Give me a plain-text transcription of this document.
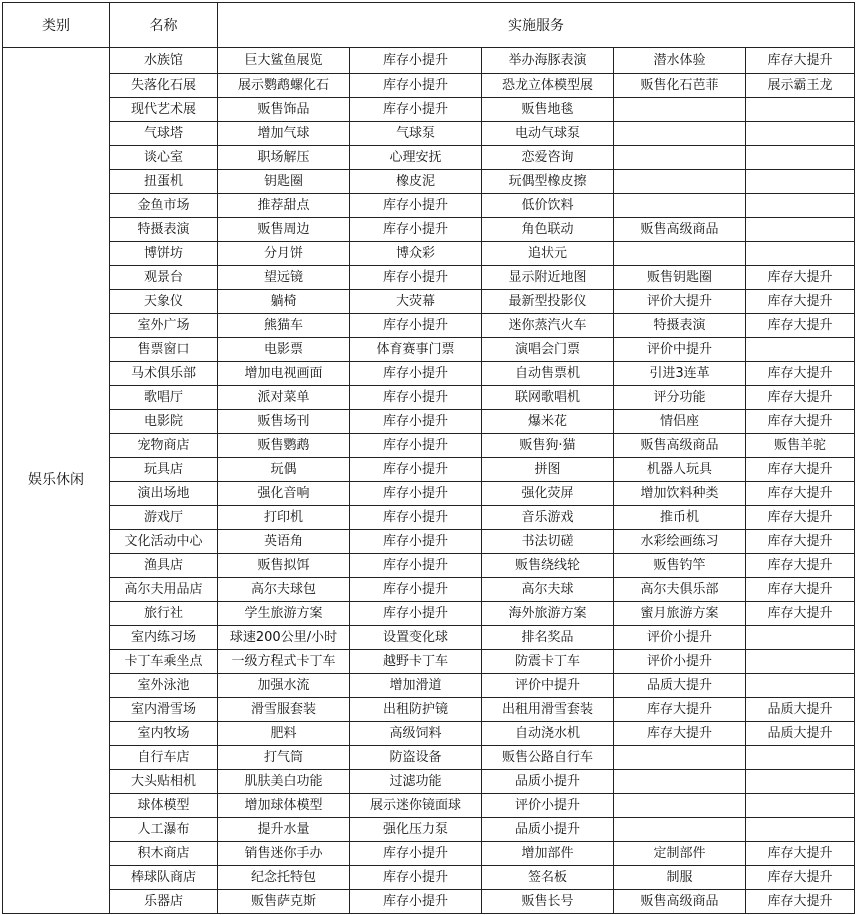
类别	名称	实施服务				
娱乐休闲	水族馆	巨大鲨鱼展览	库存小提升	举办海豚表演	潜水体验	库存大提升
	失落化石展	展示鹦鹉螺化石	库存小提升	恐龙立体模型展	贩售化石芭菲	展示霸王龙
	现代艺术展	贩售饰品	库存小提升	贩售地毯		
	气球塔	增加气球	气球泵	电动气球泵		
	谈心室	职场解压	心理安抚	恋爱咨询		
	扭蛋机	钥匙圈	橡皮泥	玩偶型橡皮擦		
	金鱼市场	推荐甜点	库存小提升	低价饮料		
	特摄表演	贩售周边	库存小提升	角色联动	贩售高级商品	
	博饼坊	分月饼	博众彩	追状元		
	观景台	望远镜	库存小提升	显示附近地图	贩售钥匙圈	库存大提升
	天象仪	躺椅	大荧幕	最新型投影仪	评价大提升	库存大提升
	室外广场	熊猫车	库存小提升	迷你蒸汽火车	特摄表演	库存大提升
	售票窗口	电影票	体育赛事门票	演唱会门票	评价中提升	
	马术俱乐部	增加电视画面	库存小提升	自动售票机	引进3连革	库存大提升
	歌唱厅	派对菜单	库存小提升	联网歌唱机	评分功能	库存大提升
	电影院	贩售场刊	库存小提升	爆米花	情侣座	库存大提升
	宠物商店	贩售鹦鹉	库存小提升	贩售狗·猫	贩售高级商品	贩售羊驼
	玩具店	玩偶	库存小提升	拼图	机器人玩具	库存大提升
	演出场地	强化音响	库存小提升	强化荧屏	增加饮料种类	库存大提升
	游戏厅	打印机	库存小提升	音乐游戏	推币机	库存大提升
	文化活动中心	英语角	库存小提升	书法切磋	水彩绘画练习	库存大提升
	渔具店	贩售拟饵	库存小提升	贩售绕线轮	贩售钓竿	库存大提升
	高尔夫用品店	高尔夫球包	库存小提升	高尔夫球	高尔夫俱乐部	库存大提升
	旅行社	学生旅游方案	库存小提升	海外旅游方案	蜜月旅游方案	库存大提升
	室内练习场	球速200公里/小时	设置变化球	排名奖品	评价小提升	
	卡丁车乘坐点	一级方程式卡丁车	越野卡丁车	防震卡丁车	评价小提升	
	室外泳池	加强水流	增加滑道	评价中提升	品质大提升	
	室内滑雪场	滑雪服套装	出租防护镜	出租用滑雪套装	库存大提升	品质大提升
	室内牧场	肥料	高级饲料	自动浇水机	库存大提升	品质大提升
	自行车店	打气筒	防盗设备	贩售公路自行车		
	大头贴相机	肌肤美白功能	过滤功能	品质小提升		
	球体模型	增加球体模型	展示迷你镜面球	评价小提升		
	人工瀑布	提升水量	强化压力泵	品质小提升		
	积木商店	销售迷你手办	库存小提升	增加部件	定制部件	库存大提升
	棒球队商店	纪念托特包	库存小提升	签名板	制服	库存大提升
	乐器店	贩售萨克斯	库存小提升	贩售长号	贩售高级商品	库存大提升
